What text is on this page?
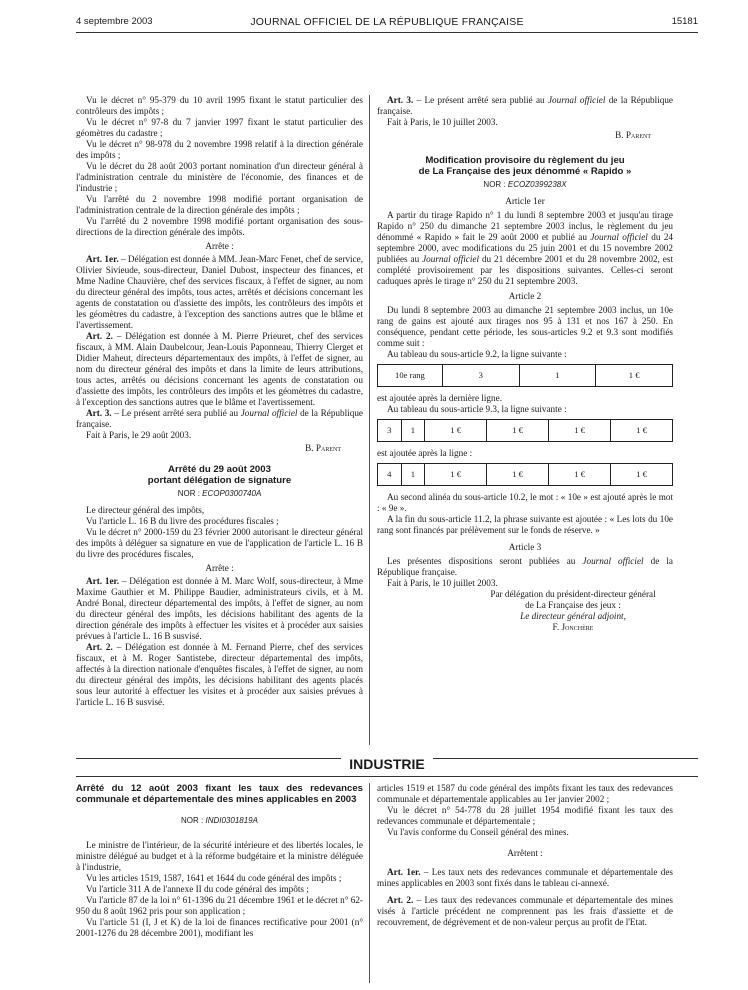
4 septembre 2003	JOURNAL OFFICIEL DE LA RÉPUBLIQUE FRANÇAISE	15181

Vu le décret n° 95-379 du 10 avril 1995 fixant le statut particulier des contrôleurs des impôts ;

Vu le décret n° 97-8 du 7 janvier 1997 fixant le statut particulier des géomètres du cadastre ;

Vu le décret n° 98-978 du 2 novembre 1998 relatif à la direction générale des impôts ;

Vu le décret du 28 août 2003 portant nomination d'un directeur général à l'administration centrale du ministère de l'économie, des finances et de l'industrie ;

Vu l'arrêté du 2 novembre 1998 modifié portant organisation de l'administration centrale de la direction générale des impôts ;

Vu l'arrêté du 2 novembre 1998 modifié portant organisation des sous-directions de la direction générale des impôts.

Arrête :

Art. 1er. – Délégation est donnée à MM. Jean-Marc Fenet, chef de service, Olivier Sivieude, sous-directeur, Daniel Dubost, inspecteur des finances, et Mme Nadine Chauvière, chef des services fiscaux, à l'effet de signer, au nom du directeur général des impôts, tous actes, arrêtés et décisions concernant les agents de constatation ou d'assiette des impôts, les contrôleurs des impôts et les géomètres du cadastre, à l'exception des sanctions autres que le blâme et l'avertissement.

Art. 2. – Délégation est donnée à M. Pierre Prieuret, chef des services fiscaux, à MM. Alain Daubelcour, Jean-Louis Paponneau, Thierry Clerget et Didier Maheut, directeurs départementaux des impôts, à l'effet de signer, au nom du directeur général des impôts et dans la limite de leurs attributions, tous actes, arrêtés ou décisions concernant les agents de constatation ou d'assiette des impôts, les contrôleurs des impôts et les géomètres du cadastre, à l'exception des sanctions autres que le blâme et l'avertissement.

Art. 3. – Le présent arrêté sera publié au Journal officiel de la République française.

Fait à Paris, le 29 août 2003.

B. Parent

Arrêté du 29 août 2003
portant délégation de signature
NOR : ECOP0300740A

Le directeur général des impôts,

Vu l'article L. 16 B du livre des procédures fiscales ;

Vu le décret n° 2000-159 du 23 février 2000 autorisant le directeur général des impôts à déléguer sa signature en vue de l'application de l'article L. 16 B du livre des procédures fiscales,

Arrête :

Art. 1er. – Délégation est donnée à M. Marc Wolf, sous-directeur, à Mme Maxime Gauthier et M. Philippe Baudier, administrateurs civils, et à M. André Bonal, directeur départemental des impôts, à l'effet de signer, au nom du directeur général des impôts, les décisions habilitant des agents de la direction générale des impôts à effectuer les visites et à procéder aux saisies prévues à l'article L. 16 B susvisé.

Art. 2. – Délégation est donnée à M. Fernand Pierre, chef des services fiscaux, et à M. Roger Santistebe, directeur départemental des impôts, affectés à la direction nationale d'enquêtes fiscales, à l'effet de signer, au nom du directeur général des impôts, les décisions habilitant des agents placés sous leur autorité à effectuer les visites et à procéder aux saisies prévues à l'article L. 16 B susvisé.

Art. 3. – Le présent arrêté sera publié au Journal officiel de la République française.

Fait à Paris, le 10 juillet 2003.

B. Parent

Modification provisoire du règlement du jeu
de La Française des jeux dénommé « Rapido »
NOR : ECOZ0399238X

Article 1er

A partir du tirage Rapido n° 1 du lundi 8 septembre 2003 et jusqu'au tirage Rapido n° 250 du dimanche 21 septembre 2003 inclus, le règlement du jeu dénommé « Rapido » fait le 29 août 2000 et publié au Journal officiel du 24 septembre 2000, avec modifications du 25 juin 2001 et du 15 novembre 2002 publiées au Journal officiel du 21 décembre 2001 et du 28 novembre 2002, est complété provisoirement par les dispositions suivantes. Celles-ci seront caduques après le tirage n° 250 du 21 septembre 2003.

Article 2

Du lundi 8 septembre 2003 au dimanche 21 septembre 2003 inclus, un 10e rang de gains est ajouté aux tirages nos 95 à 131 et nos 167 à 250. En conséquence, pendant cette période, les sous-articles 9.2 et 9.3 sont modifiés comme suit :

Au tableau du sous-article 9.2, la ligne suivante :

10e rang	3	1	1 €

est ajoutée après la dernière ligne.

Au tableau du sous-article 9.3, la ligne suivante :

3	1	1 €	1 €	1 €	1 €

est ajoutée après la ligne :

4	1	1 €	1 €	1 €	1 €

Au second alinéa du sous-article 10.2, le mot : « 10e » est ajouté après le mot : « 9e ».

A la fin du sous-article 11.2, la phrase suivante est ajoutée : « Les lots du 10e rang sont financés par prélèvement sur le fonds de réserve. »

Article 3

Les présentes dispositions seront publiées au Journal officiel de la République française.

Fait à Paris, le 10 juillet 2003.

Par délégation du président-directeur général
de La Française des jeux :
Le directeur général adjoint,
F. Jonchère
INDUSTRIE
Arrêté du 12 août 2003 fixant les taux des redevances communale et départementale des mines applicables en 2003
NOR : INDI0301819A

Le ministre de l'intérieur, de la sécurité intérieure et des libertés locales, le ministre délégué au budget et à la réforme budgétaire et la ministre déléguée à l'industrie,

Vu les articles 1519, 1587, 1641 et 1644 du code général des impôts ;

Vu l'article 311 A de l'annexe II du code général des impôts ;

Vu l'article 87 de la loi n° 61-1396 du 21 décembre 1961 et le décret n° 62-950 du 8 août 1962 pris pour son application ;

Vu l'article 51 (I, J et K) de la loi de finances rectificative pour 2001 (n° 2001-1276 du 28 décembre 2001), modifiant les

articles 1519 et 1587 du code général des impôts fixant les taux des redevances communale et départementale applicables au 1er janvier 2002 ;

Vu le décret n° 54-778 du 28 juillet 1954 modifié fixant les taux des redevances communale et départementale ;

Vu l'avis conforme du Conseil général des mines.

Arrêtent :

Art. 1er. – Les taux nets des redevances communale et départementale des mines applicables en 2003 sont fixés dans le tableau ci-annexé.

Art. 2. – Les taux des redevances communale et départementale des mines visés à l'article précédent ne comprennent pas les frais d'assiette et de recouvrement, de dégrèvement et de non-valeur perçus au profit de l'Etat.
